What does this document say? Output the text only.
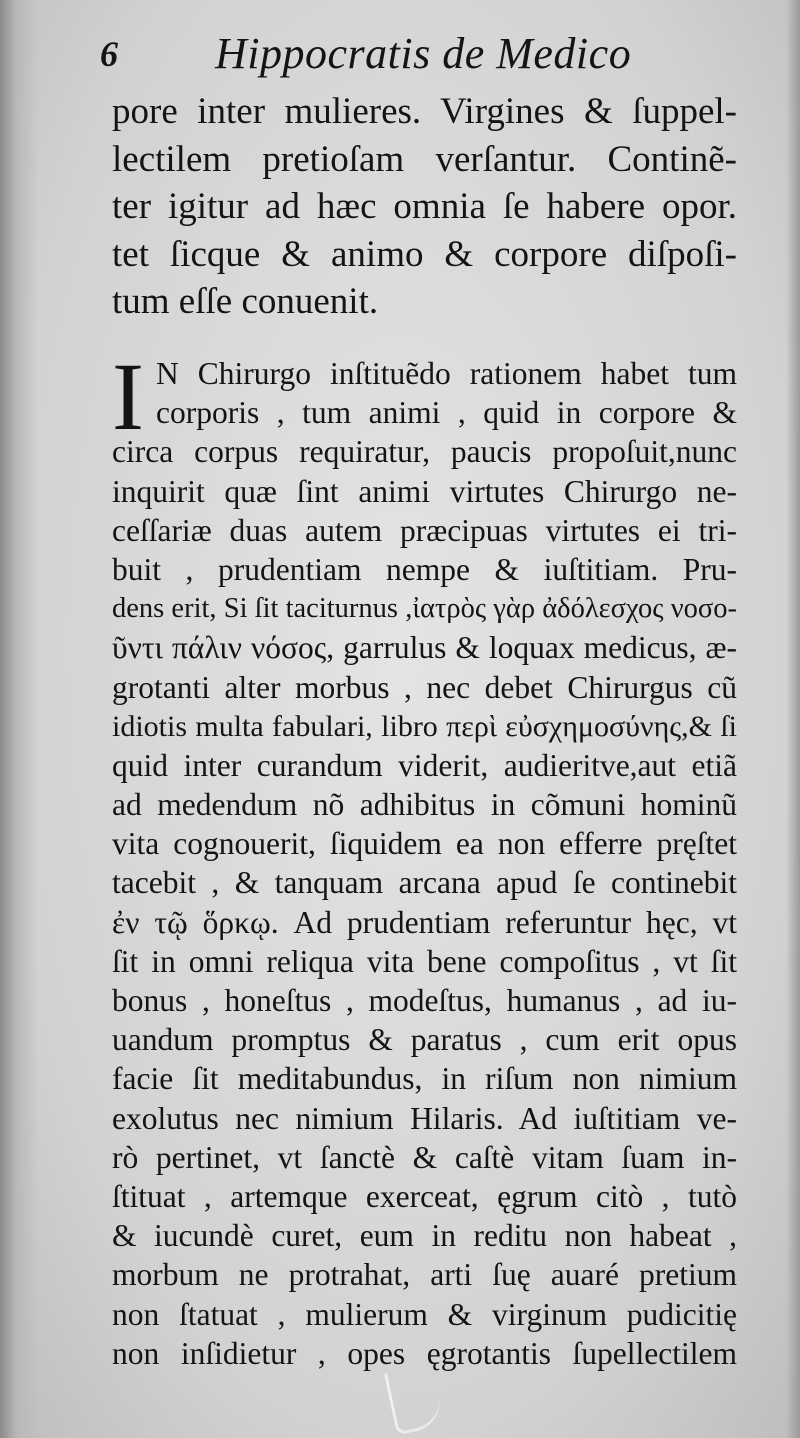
6 Hippocratis de Medico
pore inter mulieres. Virgines & ſuppel-
lectilem pretioſam verſantur. Continẽ-
ter igitur ad hæc omnia ſe habere opor.
tet ſicque & animo & corpore diſpoſi-
tum eſſe conuenit.
I N Chirurgo inſtituẽdo rationem habet tum
corporis , tum animi , quid in corpore &
circa corpus requiratur, paucis propoſuit,nunc
inquirit quæ ſint animi virtutes Chirurgo ne-
ceſſariæ duas autem præcipuas virtutes ei tri-
buit , prudentiam nempe & iuſtitiam. Pru-
dens erit, Si ſit taciturnus ,ἰατρὸς γὰρ ἀδόλεσχος νοσο-
ῦντι πάλιν νόσος, garrulus & loquax medicus, æ-
grotanti alter morbus , nec debet Chirurgus cũ
idiotis multa fabulari, libro περὶ εὐσχημοσύνης,& ſi
quid inter curandum viderit, audieritve,aut etiã
ad medendum nõ adhibitus in cõmuni hominũ
vita cognouerit, ſiquidem ea non efferre pręſtet
tacebit , & tanquam arcana apud ſe continebit
ἐν τῷ ὅρκῳ. Ad prudentiam referuntur hęc, vt
ſit in omni reliqua vita bene compoſitus , vt ſit
bonus , honeſtus , modeſtus, humanus , ad iu-
uandum promptus & paratus , cum erit opus
facie ſit meditabundus, in riſum non nimium
exolutus nec nimium Hilaris. Ad iuſtitiam ve-
rò pertinet, vt ſanctè & caſtè vitam ſuam in-
ſtituat , artemque exerceat, ęgrum citò , tutò
& iucundè curet, eum in reditu non habeat ,
morbum ne protrahat, arti ſuę auaré pretium
non ſtatuat , mulierum & virginum pudicitię
non inſidietur , opes ęgrotantis ſupellectilem
